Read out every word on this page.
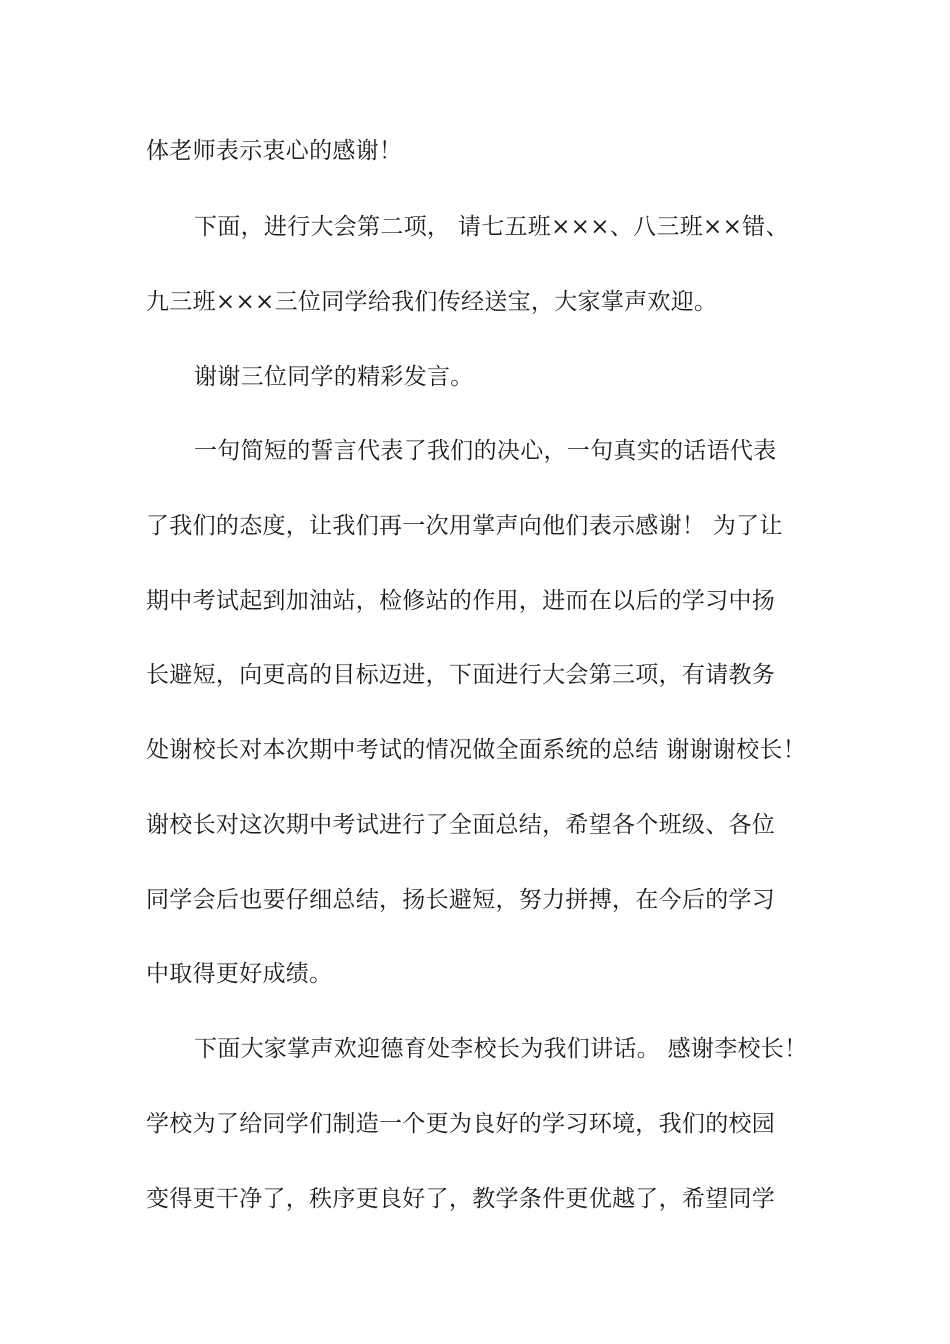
体老师表示衷心的感谢！

下面，进行大会第二项， 请七五班×××、八三班××错、

九三班×××三位同学给我们传经送宝，大家掌声欢迎。

谢谢三位同学的精彩发言。

一句简短的誓言代表了我们的决心，一句真实的话语代表

了我们的态度，让我们再一次用掌声向他们表示感谢！ 为了让

期中考试起到加油站，检修站的作用，进而在以后的学习中扬

长避短，向更高的目标迈进，下面进行大会第三项，有请教务

处谢校长对本次期中考试的情况做全面系统的总结 谢谢谢校长！

谢校长对这次期中考试进行了全面总结，希望各个班级、各位

同学会后也要仔细总结，扬长避短，努力拼搏，在今后的学习

中取得更好成绩。

下面大家掌声欢迎德育处李校长为我们讲话。 感谢李校长！

学校为了给同学们制造一个更为良好的学习环境，我们的校园

变得更干净了，秩序更良好了，教学条件更优越了，希望同学
